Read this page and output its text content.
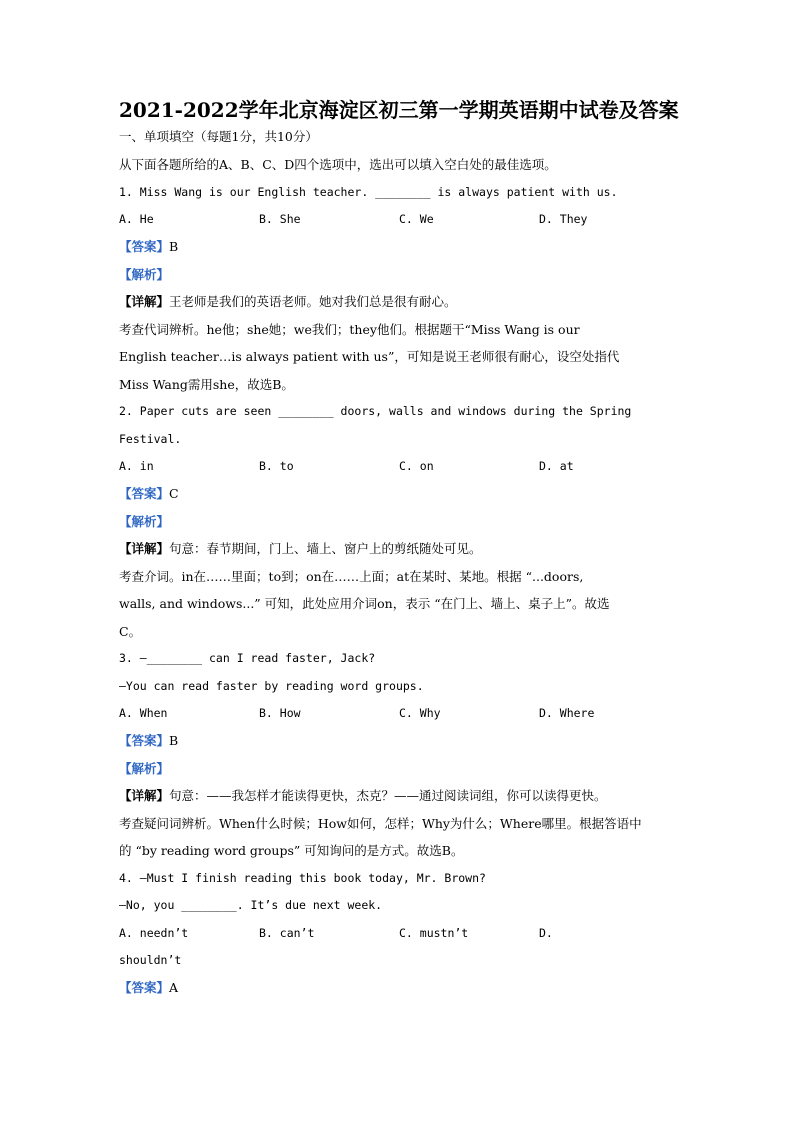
2021-2022学年北京海淀区初三第一学期英语期中试卷及答案
一、单项填空（每题1分，共10分）
从下面各题所给的A、B、C、D四个选项中，选出可以填入空白处的最佳选项。
1. Miss Wang is our English teacher. ________ is always patient with us.
A. He	B. She	C. We	D. They
【答案】B
【解析】
【详解】王老师是我们的英语老师。她对我们总是很有耐心。
考查代词辨析。he他；she她；we我们；they他们。根据题干“Miss Wang is our
English teacher…is always patient with us”，可知是说王老师很有耐心，设空处指代
Miss Wang需用she，故选B。
2. Paper cuts are seen ________ doors, walls and windows during the Spring
Festival.
A. in	B. to	C. on	D. at
【答案】C
【解析】
【详解】句意：春节期间，门上、墙上、窗户上的剪纸随处可见。
考查介词。in在……里面；to到；on在……上面；at在某时、某地。根据 “...doors,
walls, and windows...” 可知，此处应用介词on，表示 “在门上、墙上、桌子上”。故选
C。
3. —________ can I read faster, Jack?
—You can read faster by reading word groups.
A. When	B. How	C. Why	D. Where
【答案】B
【解析】
【详解】句意：——我怎样才能读得更快，杰克？——通过阅读词组，你可以读得更快。
考查疑问词辨析。When什么时候；How如何，怎样；Why为什么；Where哪里。根据答语中
的 “by reading word groups” 可知询问的是方式。故选B。
4. —Must I finish reading this book today, Mr. Brown?
—No, you ________. It’s due next week.
A. needn’t	B. can’t	C. mustn’t	D.
shouldn’t
【答案】A
